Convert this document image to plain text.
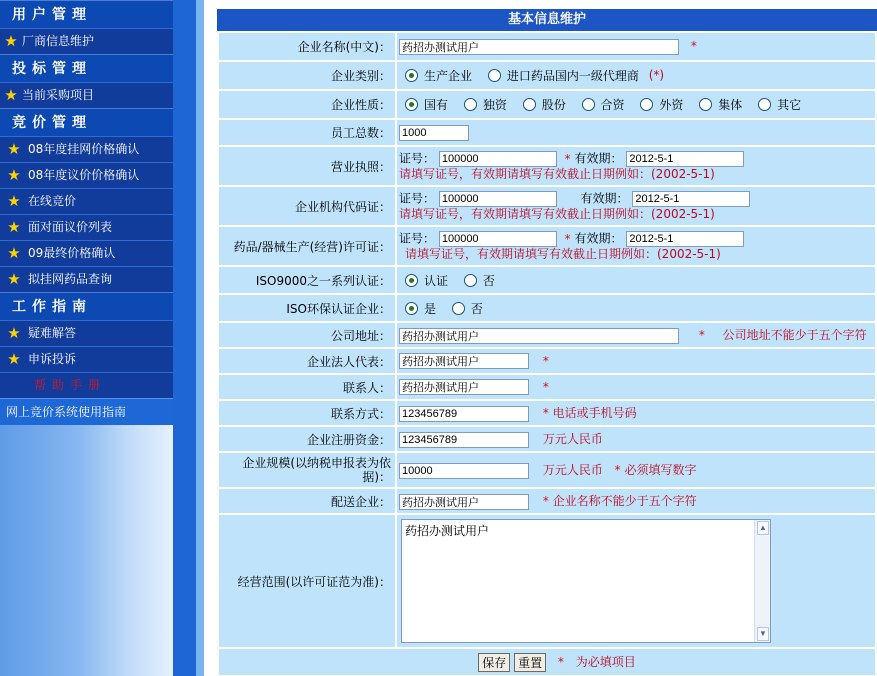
用户管理
★ 厂商信息维护
投标管理
★ 当前采购项目
竞价管理
★ 08年度挂网价格确认
★ 08年度议价价格确认
★ 在线竞价
★ 面对面议价列表
★ 09最终价格确认
★ 拟挂网药品查询
工作指南
★ 疑难解答
★ 申诉投诉
帮助手册
网上竞价系统使用指南
基本信息维护
企业名称(中文)：	药招办测试用户*
企业类别：	生产企业 进口药品国内一级代理商 (*)
企业性质：	国有 独资 股份 合资 外资 集体 其它
员工总数：	1000
营业执照：	证号： 100000 * 有效期： 2012-5-1
请填写证号，有效期请填写有效截止日期例如：(2002-5-1)

企业机构代码证：	证号： 100000 有效期： 2012-5-1
请填写证号，有效期请填写有效截止日期例如：(2002-5-1)

药品/器械生产(经营)许可证：	证号： 100000 * 有效期： 2012-5-1
请填写证号，有效期请填写有效截止日期例如：(2002-5-1)

ISO9000之一系列认证：	认证 否
ISO环保认证企业：	是 否
公司地址：	药招办测试用户* 公司地址不能少于五个字符
企业法人代表：	药招办测试用户*
联系人：	药招办测试用户*
联系方式：	123456789* 电话或手机号码
企业注册资金：	123456789万元人民币
企业规模(以纳税申报表为依据)：	10000万元人民币 * 必须填写数字
配送企业：	药招办测试用户* 企业名称不能少于五个字符
经营范围(以许可证范为准)：	药招办测试用户 ▲
▼

保存 重置 * 为必填项目	
